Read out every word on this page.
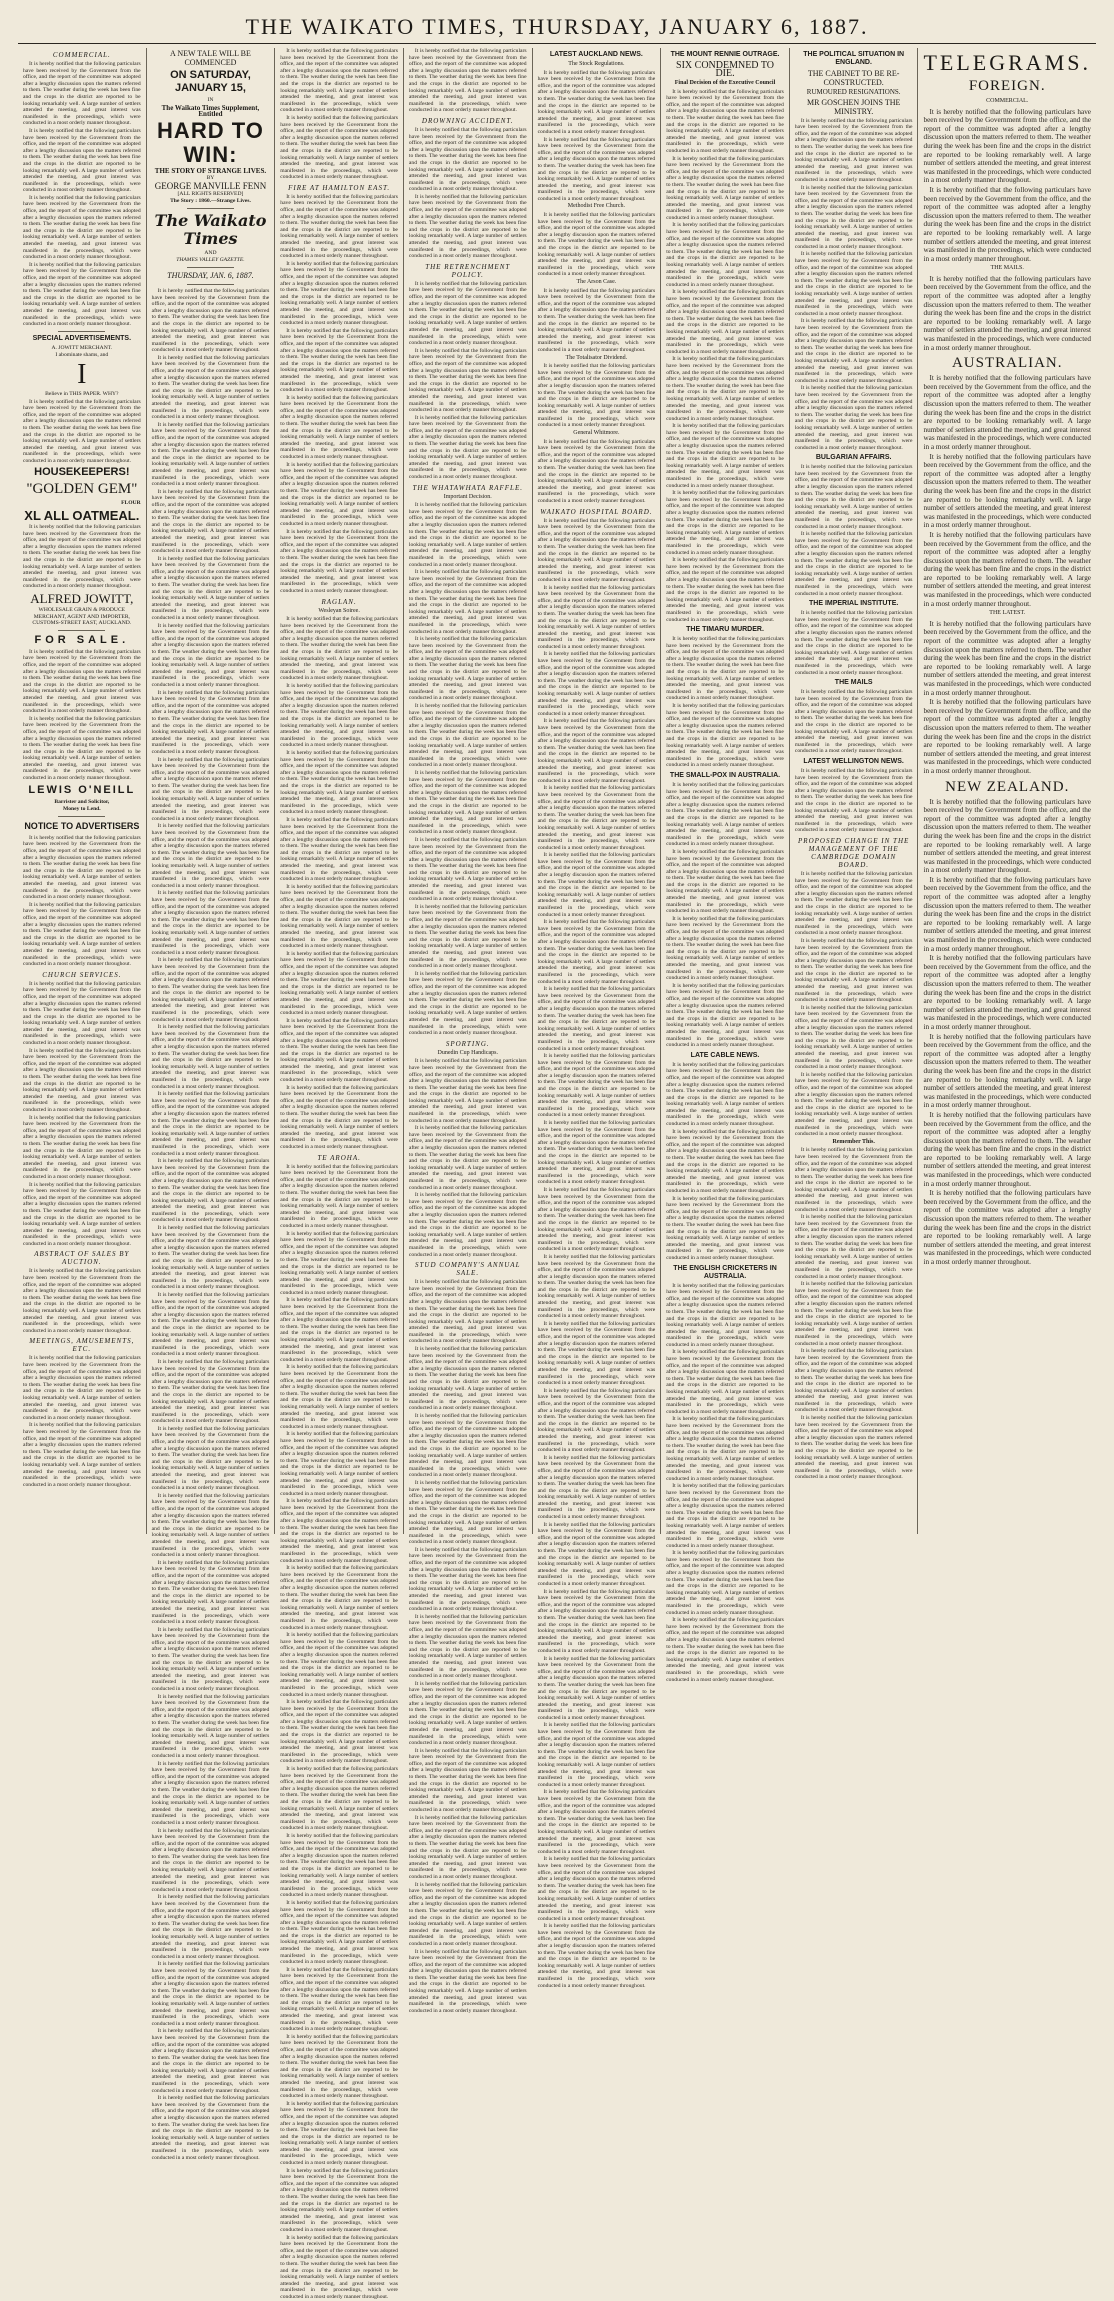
THE WAIKATO TIMES, THURSDAY, JANUARY 6, 1887.
COMMERCIAL.

It is hereby notified that the following particulars have been received by the Government from the office, and the report of the committee was adopted after a lengthy discussion upon the matters referred to them. The weather during the week has been fine and the crops in the district are reported to be looking remarkably well. A large number of settlers attended the meeting, and great interest was manifested in the proceedings, which were conducted in a most orderly manner throughout.

It is hereby notified that the following particulars have been received by the Government from the office, and the report of the committee was adopted after a lengthy discussion upon the matters referred to them. The weather during the week has been fine and the crops in the district are reported to be looking remarkably well. A large number of settlers attended the meeting, and great interest was manifested in the proceedings, which were conducted in a most orderly manner throughout.

It is hereby notified that the following particulars have been received by the Government from the office, and the report of the committee was adopted after a lengthy discussion upon the matters referred to them. The weather during the week has been fine and the crops in the district are reported to be looking remarkably well. A large number of settlers attended the meeting, and great interest was manifested in the proceedings, which were conducted in a most orderly manner throughout.

It is hereby notified that the following particulars have been received by the Government from the office, and the report of the committee was adopted after a lengthy discussion upon the matters referred to them. The weather during the week has been fine and the crops in the district are reported to be looking remarkably well. A large number of settlers attended the meeting, and great interest was manifested in the proceedings, which were conducted in a most orderly manner throughout.

SPECIAL ADVERTISEMENTS.
A. JOWITT MERCHANT.
I abominate shams, and
I
Believe in THIS PAPER. WHY?

It is hereby notified that the following particulars have been received by the Government from the office, and the report of the committee was adopted after a lengthy discussion upon the matters referred to them. The weather during the week has been fine and the crops in the district are reported to be looking remarkably well. A large number of settlers attended the meeting, and great interest was manifested in the proceedings, which were conducted in a most orderly manner throughout.

HOUSEKEEPERS!
"GOLDEN GEM"
FLOUR
XL ALL OATMEAL.

It is hereby notified that the following particulars have been received by the Government from the office, and the report of the committee was adopted after a lengthy discussion upon the matters referred to them. The weather during the week has been fine and the crops in the district are reported to be looking remarkably well. A large number of settlers attended the meeting, and great interest was manifested in the proceedings, which were conducted in a most orderly manner throughout.

ALFRED JOWITT,
WHOLESALE GRAIN & PRODUCE MERCHANT, AGENT AND IMPORTER, CUSTOMS-STREET EAST, AUCKLAND.
FOR SALE.

It is hereby notified that the following particulars have been received by the Government from the office, and the report of the committee was adopted after a lengthy discussion upon the matters referred to them. The weather during the week has been fine and the crops in the district are reported to be looking remarkably well. A large number of settlers attended the meeting, and great interest was manifested in the proceedings, which were conducted in a most orderly manner throughout.

It is hereby notified that the following particulars have been received by the Government from the office, and the report of the committee was adopted after a lengthy discussion upon the matters referred to them. The weather during the week has been fine and the crops in the district are reported to be looking remarkably well. A large number of settlers attended the meeting, and great interest was manifested in the proceedings, which were conducted in a most orderly manner throughout.

LEWIS O'NEILL
Barrister and Solicitor,
Money to Lend.
NOTICE TO ADVERTISERS

It is hereby notified that the following particulars have been received by the Government from the office, and the report of the committee was adopted after a lengthy discussion upon the matters referred to them. The weather during the week has been fine and the crops in the district are reported to be looking remarkably well. A large number of settlers attended the meeting, and great interest was manifested in the proceedings, which were conducted in a most orderly manner throughout.

It is hereby notified that the following particulars have been received by the Government from the office, and the report of the committee was adopted after a lengthy discussion upon the matters referred to them. The weather during the week has been fine and the crops in the district are reported to be looking remarkably well. A large number of settlers attended the meeting, and great interest was manifested in the proceedings, which were conducted in a most orderly manner throughout.

CHURCH SERVICES.

It is hereby notified that the following particulars have been received by the Government from the office, and the report of the committee was adopted after a lengthy discussion upon the matters referred to them. The weather during the week has been fine and the crops in the district are reported to be looking remarkably well. A large number of settlers attended the meeting, and great interest was manifested in the proceedings, which were conducted in a most orderly manner throughout.

It is hereby notified that the following particulars have been received by the Government from the office, and the report of the committee was adopted after a lengthy discussion upon the matters referred to them. The weather during the week has been fine and the crops in the district are reported to be looking remarkably well. A large number of settlers attended the meeting, and great interest was manifested in the proceedings, which were conducted in a most orderly manner throughout.

It is hereby notified that the following particulars have been received by the Government from the office, and the report of the committee was adopted after a lengthy discussion upon the matters referred to them. The weather during the week has been fine and the crops in the district are reported to be looking remarkably well. A large number of settlers attended the meeting, and great interest was manifested in the proceedings, which were conducted in a most orderly manner throughout.

It is hereby notified that the following particulars have been received by the Government from the office, and the report of the committee was adopted after a lengthy discussion upon the matters referred to them. The weather during the week has been fine and the crops in the district are reported to be looking remarkably well. A large number of settlers attended the meeting, and great interest was manifested in the proceedings, which were conducted in a most orderly manner throughout.

ABSTRACT OF SALES BY AUCTION.

It is hereby notified that the following particulars have been received by the Government from the office, and the report of the committee was adopted after a lengthy discussion upon the matters referred to them. The weather during the week has been fine and the crops in the district are reported to be looking remarkably well. A large number of settlers attended the meeting, and great interest was manifested in the proceedings, which were conducted in a most orderly manner throughout.

MEETINGS, AMUSEMENTS, ETC.

It is hereby notified that the following particulars have been received by the Government from the office, and the report of the committee was adopted after a lengthy discussion upon the matters referred to them. The weather during the week has been fine and the crops in the district are reported to be looking remarkably well. A large number of settlers attended the meeting, and great interest was manifested in the proceedings, which were conducted in a most orderly manner throughout.

It is hereby notified that the following particulars have been received by the Government from the office, and the report of the committee was adopted after a lengthy discussion upon the matters referred to them. The weather during the week has been fine and the crops in the district are reported to be looking remarkably well. A large number of settlers attended the meeting, and great interest was manifested in the proceedings, which were conducted in a most orderly manner throughout.

A NEW TALE WILL BE COMMENCED
ON SATURDAY, JANUARY 15,
IN
The Waikato Times Supplement, Entitled
HARD TO WIN:
THE STORY OF STRANGE LIVES.
BY
GEORGE MANVILLE FENN
[ALL RIGHTS RESERVED]
The Story : 1860.—Strange Lives.
The Waikato Times
AND
THAMES VALLEY GAZETTE.
THURSDAY, JAN. 6, 1887.

It is hereby notified that the following particulars have been received by the Government from the office, and the report of the committee was adopted after a lengthy discussion upon the matters referred to them. The weather during the week has been fine and the crops in the district are reported to be looking remarkably well. A large number of settlers attended the meeting, and great interest was manifested in the proceedings, which were conducted in a most orderly manner throughout.

It is hereby notified that the following particulars have been received by the Government from the office, and the report of the committee was adopted after a lengthy discussion upon the matters referred to them. The weather during the week has been fine and the crops in the district are reported to be looking remarkably well. A large number of settlers attended the meeting, and great interest was manifested in the proceedings, which were conducted in a most orderly manner throughout.

It is hereby notified that the following particulars have been received by the Government from the office, and the report of the committee was adopted after a lengthy discussion upon the matters referred to them. The weather during the week has been fine and the crops in the district are reported to be looking remarkably well. A large number of settlers attended the meeting, and great interest was manifested in the proceedings, which were conducted in a most orderly manner throughout.

It is hereby notified that the following particulars have been received by the Government from the office, and the report of the committee was adopted after a lengthy discussion upon the matters referred to them. The weather during the week has been fine and the crops in the district are reported to be looking remarkably well. A large number of settlers attended the meeting, and great interest was manifested in the proceedings, which were conducted in a most orderly manner throughout.

It is hereby notified that the following particulars have been received by the Government from the office, and the report of the committee was adopted after a lengthy discussion upon the matters referred to them. The weather during the week has been fine and the crops in the district are reported to be looking remarkably well. A large number of settlers attended the meeting, and great interest was manifested in the proceedings, which were conducted in a most orderly manner throughout.

It is hereby notified that the following particulars have been received by the Government from the office, and the report of the committee was adopted after a lengthy discussion upon the matters referred to them. The weather during the week has been fine and the crops in the district are reported to be looking remarkably well. A large number of settlers attended the meeting, and great interest was manifested in the proceedings, which were conducted in a most orderly manner throughout.

It is hereby notified that the following particulars have been received by the Government from the office, and the report of the committee was adopted after a lengthy discussion upon the matters referred to them. The weather during the week has been fine and the crops in the district are reported to be looking remarkably well. A large number of settlers attended the meeting, and great interest was manifested in the proceedings, which were conducted in a most orderly manner throughout.

It is hereby notified that the following particulars have been received by the Government from the office, and the report of the committee was adopted after a lengthy discussion upon the matters referred to them. The weather during the week has been fine and the crops in the district are reported to be looking remarkably well. A large number of settlers attended the meeting, and great interest was manifested in the proceedings, which were conducted in a most orderly manner throughout.

It is hereby notified that the following particulars have been received by the Government from the office, and the report of the committee was adopted after a lengthy discussion upon the matters referred to them. The weather during the week has been fine and the crops in the district are reported to be looking remarkably well. A large number of settlers attended the meeting, and great interest was manifested in the proceedings, which were conducted in a most orderly manner throughout.

It is hereby notified that the following particulars have been received by the Government from the office, and the report of the committee was adopted after a lengthy discussion upon the matters referred to them. The weather during the week has been fine and the crops in the district are reported to be looking remarkably well. A large number of settlers attended the meeting, and great interest was manifested in the proceedings, which were conducted in a most orderly manner throughout.

It is hereby notified that the following particulars have been received by the Government from the office, and the report of the committee was adopted after a lengthy discussion upon the matters referred to them. The weather during the week has been fine and the crops in the district are reported to be looking remarkably well. A large number of settlers attended the meeting, and great interest was manifested in the proceedings, which were conducted in a most orderly manner throughout.

It is hereby notified that the following particulars have been received by the Government from the office, and the report of the committee was adopted after a lengthy discussion upon the matters referred to them. The weather during the week has been fine and the crops in the district are reported to be looking remarkably well. A large number of settlers attended the meeting, and great interest was manifested in the proceedings, which were conducted in a most orderly manner throughout.

It is hereby notified that the following particulars have been received by the Government from the office, and the report of the committee was adopted after a lengthy discussion upon the matters referred to them. The weather during the week has been fine and the crops in the district are reported to be looking remarkably well. A large number of settlers attended the meeting, and great interest was manifested in the proceedings, which were conducted in a most orderly manner throughout.

It is hereby notified that the following particulars have been received by the Government from the office, and the report of the committee was adopted after a lengthy discussion upon the matters referred to them. The weather during the week has been fine and the crops in the district are reported to be looking remarkably well. A large number of settlers attended the meeting, and great interest was manifested in the proceedings, which were conducted in a most orderly manner throughout.

It is hereby notified that the following particulars have been received by the Government from the office, and the report of the committee was adopted after a lengthy discussion upon the matters referred to them. The weather during the week has been fine and the crops in the district are reported to be looking remarkably well. A large number of settlers attended the meeting, and great interest was manifested in the proceedings, which were conducted in a most orderly manner throughout.

It is hereby notified that the following particulars have been received by the Government from the office, and the report of the committee was adopted after a lengthy discussion upon the matters referred to them. The weather during the week has been fine and the crops in the district are reported to be looking remarkably well. A large number of settlers attended the meeting, and great interest was manifested in the proceedings, which were conducted in a most orderly manner throughout.

It is hereby notified that the following particulars have been received by the Government from the office, and the report of the committee was adopted after a lengthy discussion upon the matters referred to them. The weather during the week has been fine and the crops in the district are reported to be looking remarkably well. A large number of settlers attended the meeting, and great interest was manifested in the proceedings, which were conducted in a most orderly manner throughout.

It is hereby notified that the following particulars have been received by the Government from the office, and the report of the committee was adopted after a lengthy discussion upon the matters referred to them. The weather during the week has been fine and the crops in the district are reported to be looking remarkably well. A large number of settlers attended the meeting, and great interest was manifested in the proceedings, which were conducted in a most orderly manner throughout.

It is hereby notified that the following particulars have been received by the Government from the office, and the report of the committee was adopted after a lengthy discussion upon the matters referred to them. The weather during the week has been fine and the crops in the district are reported to be looking remarkably well. A large number of settlers attended the meeting, and great interest was manifested in the proceedings, which were conducted in a most orderly manner throughout.

It is hereby notified that the following particulars have been received by the Government from the office, and the report of the committee was adopted after a lengthy discussion upon the matters referred to them. The weather during the week has been fine and the crops in the district are reported to be looking remarkably well. A large number of settlers attended the meeting, and great interest was manifested in the proceedings, which were conducted in a most orderly manner throughout.

It is hereby notified that the following particulars have been received by the Government from the office, and the report of the committee was adopted after a lengthy discussion upon the matters referred to them. The weather during the week has been fine and the crops in the district are reported to be looking remarkably well. A large number of settlers attended the meeting, and great interest was manifested in the proceedings, which were conducted in a most orderly manner throughout.

It is hereby notified that the following particulars have been received by the Government from the office, and the report of the committee was adopted after a lengthy discussion upon the matters referred to them. The weather during the week has been fine and the crops in the district are reported to be looking remarkably well. A large number of settlers attended the meeting, and great interest was manifested in the proceedings, which were conducted in a most orderly manner throughout.

It is hereby notified that the following particulars have been received by the Government from the office, and the report of the committee was adopted after a lengthy discussion upon the matters referred to them. The weather during the week has been fine and the crops in the district are reported to be looking remarkably well. A large number of settlers attended the meeting, and great interest was manifested in the proceedings, which were conducted in a most orderly manner throughout.

It is hereby notified that the following particulars have been received by the Government from the office, and the report of the committee was adopted after a lengthy discussion upon the matters referred to them. The weather during the week has been fine and the crops in the district are reported to be looking remarkably well. A large number of settlers attended the meeting, and great interest was manifested in the proceedings, which were conducted in a most orderly manner throughout.

It is hereby notified that the following particulars have been received by the Government from the office, and the report of the committee was adopted after a lengthy discussion upon the matters referred to them. The weather during the week has been fine and the crops in the district are reported to be looking remarkably well. A large number of settlers attended the meeting, and great interest was manifested in the proceedings, which were conducted in a most orderly manner throughout.

It is hereby notified that the following particulars have been received by the Government from the office, and the report of the committee was adopted after a lengthy discussion upon the matters referred to them. The weather during the week has been fine and the crops in the district are reported to be looking remarkably well. A large number of settlers attended the meeting, and great interest was manifested in the proceedings, which were conducted in a most orderly manner throughout.

It is hereby notified that the following particulars have been received by the Government from the office, and the report of the committee was adopted after a lengthy discussion upon the matters referred to them. The weather during the week has been fine and the crops in the district are reported to be looking remarkably well. A large number of settlers attended the meeting, and great interest was manifested in the proceedings, which were conducted in a most orderly manner throughout.

It is hereby notified that the following particulars have been received by the Government from the office, and the report of the committee was adopted after a lengthy discussion upon the matters referred to them. The weather during the week has been fine and the crops in the district are reported to be looking remarkably well. A large number of settlers attended the meeting, and great interest was manifested in the proceedings, which were conducted in a most orderly manner throughout.

It is hereby notified that the following particulars have been received by the Government from the office, and the report of the committee was adopted after a lengthy discussion upon the matters referred to them. The weather during the week has been fine and the crops in the district are reported to be looking remarkably well. A large number of settlers attended the meeting, and great interest was manifested in the proceedings, which were conducted in a most orderly manner throughout.

It is hereby notified that the following particulars have been received by the Government from the office, and the report of the committee was adopted after a lengthy discussion upon the matters referred to them. The weather during the week has been fine and the crops in the district are reported to be looking remarkably well. A large number of settlers attended the meeting, and great interest was manifested in the proceedings, which were conducted in a most orderly manner throughout.

FIRE AT HAMILTON EAST.

It is hereby notified that the following particulars have been received by the Government from the office, and the report of the committee was adopted after a lengthy discussion upon the matters referred to them. The weather during the week has been fine and the crops in the district are reported to be looking remarkably well. A large number of settlers attended the meeting, and great interest was manifested in the proceedings, which were conducted in a most orderly manner throughout.

It is hereby notified that the following particulars have been received by the Government from the office, and the report of the committee was adopted after a lengthy discussion upon the matters referred to them. The weather during the week has been fine and the crops in the district are reported to be looking remarkably well. A large number of settlers attended the meeting, and great interest was manifested in the proceedings, which were conducted in a most orderly manner throughout.

It is hereby notified that the following particulars have been received by the Government from the office, and the report of the committee was adopted after a lengthy discussion upon the matters referred to them. The weather during the week has been fine and the crops in the district are reported to be looking remarkably well. A large number of settlers attended the meeting, and great interest was manifested in the proceedings, which were conducted in a most orderly manner throughout.

It is hereby notified that the following particulars have been received by the Government from the office, and the report of the committee was adopted after a lengthy discussion upon the matters referred to them. The weather during the week has been fine and the crops in the district are reported to be looking remarkably well. A large number of settlers attended the meeting, and great interest was manifested in the proceedings, which were conducted in a most orderly manner throughout.

It is hereby notified that the following particulars have been received by the Government from the office, and the report of the committee was adopted after a lengthy discussion upon the matters referred to them. The weather during the week has been fine and the crops in the district are reported to be looking remarkably well. A large number of settlers attended the meeting, and great interest was manifested in the proceedings, which were conducted in a most orderly manner throughout.

It is hereby notified that the following particulars have been received by the Government from the office, and the report of the committee was adopted after a lengthy discussion upon the matters referred to them. The weather during the week has been fine and the crops in the district are reported to be looking remarkably well. A large number of settlers attended the meeting, and great interest was manifested in the proceedings, which were conducted in a most orderly manner throughout.

RAGLAN.
Wesleyan Soiree.

It is hereby notified that the following particulars have been received by the Government from the office, and the report of the committee was adopted after a lengthy discussion upon the matters referred to them. The weather during the week has been fine and the crops in the district are reported to be looking remarkably well. A large number of settlers attended the meeting, and great interest was manifested in the proceedings, which were conducted in a most orderly manner throughout.

It is hereby notified that the following particulars have been received by the Government from the office, and the report of the committee was adopted after a lengthy discussion upon the matters referred to them. The weather during the week has been fine and the crops in the district are reported to be looking remarkably well. A large number of settlers attended the meeting, and great interest was manifested in the proceedings, which were conducted in a most orderly manner throughout.

It is hereby notified that the following particulars have been received by the Government from the office, and the report of the committee was adopted after a lengthy discussion upon the matters referred to them. The weather during the week has been fine and the crops in the district are reported to be looking remarkably well. A large number of settlers attended the meeting, and great interest was manifested in the proceedings, which were conducted in a most orderly manner throughout.

It is hereby notified that the following particulars have been received by the Government from the office, and the report of the committee was adopted after a lengthy discussion upon the matters referred to them. The weather during the week has been fine and the crops in the district are reported to be looking remarkably well. A large number of settlers attended the meeting, and great interest was manifested in the proceedings, which were conducted in a most orderly manner throughout.

It is hereby notified that the following particulars have been received by the Government from the office, and the report of the committee was adopted after a lengthy discussion upon the matters referred to them. The weather during the week has been fine and the crops in the district are reported to be looking remarkably well. A large number of settlers attended the meeting, and great interest was manifested in the proceedings, which were conducted in a most orderly manner throughout.

It is hereby notified that the following particulars have been received by the Government from the office, and the report of the committee was adopted after a lengthy discussion upon the matters referred to them. The weather during the week has been fine and the crops in the district are reported to be looking remarkably well. A large number of settlers attended the meeting, and great interest was manifested in the proceedings, which were conducted in a most orderly manner throughout.

It is hereby notified that the following particulars have been received by the Government from the office, and the report of the committee was adopted after a lengthy discussion upon the matters referred to them. The weather during the week has been fine and the crops in the district are reported to be looking remarkably well. A large number of settlers attended the meeting, and great interest was manifested in the proceedings, which were conducted in a most orderly manner throughout.

It is hereby notified that the following particulars have been received by the Government from the office, and the report of the committee was adopted after a lengthy discussion upon the matters referred to them. The weather during the week has been fine and the crops in the district are reported to be looking remarkably well. A large number of settlers attended the meeting, and great interest was manifested in the proceedings, which were conducted in a most orderly manner throughout.

TE AROHA.

It is hereby notified that the following particulars have been received by the Government from the office, and the report of the committee was adopted after a lengthy discussion upon the matters referred to them. The weather during the week has been fine and the crops in the district are reported to be looking remarkably well. A large number of settlers attended the meeting, and great interest was manifested in the proceedings, which were conducted in a most orderly manner throughout.

It is hereby notified that the following particulars have been received by the Government from the office, and the report of the committee was adopted after a lengthy discussion upon the matters referred to them. The weather during the week has been fine and the crops in the district are reported to be looking remarkably well. A large number of settlers attended the meeting, and great interest was manifested in the proceedings, which were conducted in a most orderly manner throughout.

It is hereby notified that the following particulars have been received by the Government from the office, and the report of the committee was adopted after a lengthy discussion upon the matters referred to them. The weather during the week has been fine and the crops in the district are reported to be looking remarkably well. A large number of settlers attended the meeting, and great interest was manifested in the proceedings, which were conducted in a most orderly manner throughout.

It is hereby notified that the following particulars have been received by the Government from the office, and the report of the committee was adopted after a lengthy discussion upon the matters referred to them. The weather during the week has been fine and the crops in the district are reported to be looking remarkably well. A large number of settlers attended the meeting, and great interest was manifested in the proceedings, which were conducted in a most orderly manner throughout.

It is hereby notified that the following particulars have been received by the Government from the office, and the report of the committee was adopted after a lengthy discussion upon the matters referred to them. The weather during the week has been fine and the crops in the district are reported to be looking remarkably well. A large number of settlers attended the meeting, and great interest was manifested in the proceedings, which were conducted in a most orderly manner throughout.

It is hereby notified that the following particulars have been received by the Government from the office, and the report of the committee was adopted after a lengthy discussion upon the matters referred to them. The weather during the week has been fine and the crops in the district are reported to be looking remarkably well. A large number of settlers attended the meeting, and great interest was manifested in the proceedings, which were conducted in a most orderly manner throughout.

It is hereby notified that the following particulars have been received by the Government from the office, and the report of the committee was adopted after a lengthy discussion upon the matters referred to them. The weather during the week has been fine and the crops in the district are reported to be looking remarkably well. A large number of settlers attended the meeting, and great interest was manifested in the proceedings, which were conducted in a most orderly manner throughout.

It is hereby notified that the following particulars have been received by the Government from the office, and the report of the committee was adopted after a lengthy discussion upon the matters referred to them. The weather during the week has been fine and the crops in the district are reported to be looking remarkably well. A large number of settlers attended the meeting, and great interest was manifested in the proceedings, which were conducted in a most orderly manner throughout.

It is hereby notified that the following particulars have been received by the Government from the office, and the report of the committee was adopted after a lengthy discussion upon the matters referred to them. The weather during the week has been fine and the crops in the district are reported to be looking remarkably well. A large number of settlers attended the meeting, and great interest was manifested in the proceedings, which were conducted in a most orderly manner throughout.

It is hereby notified that the following particulars have been received by the Government from the office, and the report of the committee was adopted after a lengthy discussion upon the matters referred to them. The weather during the week has been fine and the crops in the district are reported to be looking remarkably well. A large number of settlers attended the meeting, and great interest was manifested in the proceedings, which were conducted in a most orderly manner throughout.

It is hereby notified that the following particulars have been received by the Government from the office, and the report of the committee was adopted after a lengthy discussion upon the matters referred to them. The weather during the week has been fine and the crops in the district are reported to be looking remarkably well. A large number of settlers attended the meeting, and great interest was manifested in the proceedings, which were conducted in a most orderly manner throughout.

It is hereby notified that the following particulars have been received by the Government from the office, and the report of the committee was adopted after a lengthy discussion upon the matters referred to them. The weather during the week has been fine and the crops in the district are reported to be looking remarkably well. A large number of settlers attended the meeting, and great interest was manifested in the proceedings, which were conducted in a most orderly manner throughout.

It is hereby notified that the following particulars have been received by the Government from the office, and the report of the committee was adopted after a lengthy discussion upon the matters referred to them. The weather during the week has been fine and the crops in the district are reported to be looking remarkably well. A large number of settlers attended the meeting, and great interest was manifested in the proceedings, which were conducted in a most orderly manner throughout.

It is hereby notified that the following particulars have been received by the Government from the office, and the report of the committee was adopted after a lengthy discussion upon the matters referred to them. The weather during the week has been fine and the crops in the district are reported to be looking remarkably well. A large number of settlers attended the meeting, and great interest was manifested in the proceedings, which were conducted in a most orderly manner throughout.

It is hereby notified that the following particulars have been received by the Government from the office, and the report of the committee was adopted after a lengthy discussion upon the matters referred to them. The weather during the week has been fine and the crops in the district are reported to be looking remarkably well. A large number of settlers attended the meeting, and great interest was manifested in the proceedings, which were conducted in a most orderly manner throughout.

It is hereby notified that the following particulars have been received by the Government from the office, and the report of the committee was adopted after a lengthy discussion upon the matters referred to them. The weather during the week has been fine and the crops in the district are reported to be looking remarkably well. A large number of settlers attended the meeting, and great interest was manifested in the proceedings, which were conducted in a most orderly manner throughout.

It is hereby notified that the following particulars have been received by the Government from the office, and the report of the committee was adopted after a lengthy discussion upon the matters referred to them. The weather during the week has been fine and the crops in the district are reported to be looking remarkably well. A large number of settlers attended the meeting, and great interest was manifested in the proceedings, which were conducted in a most orderly manner throughout.

It is hereby notified that the following particulars have been received by the Government from the office, and the report of the committee was adopted after a lengthy discussion upon the matters referred to them. The weather during the week has been fine and the crops in the district are reported to be looking remarkably well. A large number of settlers attended the meeting, and great interest was manifested in the proceedings, which were conducted in a most orderly manner throughout.

DROWNING ACCIDENT.

It is hereby notified that the following particulars have been received by the Government from the office, and the report of the committee was adopted after a lengthy discussion upon the matters referred to them. The weather during the week has been fine and the crops in the district are reported to be looking remarkably well. A large number of settlers attended the meeting, and great interest was manifested in the proceedings, which were conducted in a most orderly manner throughout.

It is hereby notified that the following particulars have been received by the Government from the office, and the report of the committee was adopted after a lengthy discussion upon the matters referred to them. The weather during the week has been fine and the crops in the district are reported to be looking remarkably well. A large number of settlers attended the meeting, and great interest was manifested in the proceedings, which were conducted in a most orderly manner throughout.

THE RETRENCHMENT POLICY.

It is hereby notified that the following particulars have been received by the Government from the office, and the report of the committee was adopted after a lengthy discussion upon the matters referred to them. The weather during the week has been fine and the crops in the district are reported to be looking remarkably well. A large number of settlers attended the meeting, and great interest was manifested in the proceedings, which were conducted in a most orderly manner throughout.

It is hereby notified that the following particulars have been received by the Government from the office, and the report of the committee was adopted after a lengthy discussion upon the matters referred to them. The weather during the week has been fine and the crops in the district are reported to be looking remarkably well. A large number of settlers attended the meeting, and great interest was manifested in the proceedings, which were conducted in a most orderly manner throughout.

It is hereby notified that the following particulars have been received by the Government from the office, and the report of the committee was adopted after a lengthy discussion upon the matters referred to them. The weather during the week has been fine and the crops in the district are reported to be looking remarkably well. A large number of settlers attended the meeting, and great interest was manifested in the proceedings, which were conducted in a most orderly manner throughout.

THE WHATAWHATA RAFFLE.
Important Decision.

It is hereby notified that the following particulars have been received by the Government from the office, and the report of the committee was adopted after a lengthy discussion upon the matters referred to them. The weather during the week has been fine and the crops in the district are reported to be looking remarkably well. A large number of settlers attended the meeting, and great interest was manifested in the proceedings, which were conducted in a most orderly manner throughout.

It is hereby notified that the following particulars have been received by the Government from the office, and the report of the committee was adopted after a lengthy discussion upon the matters referred to them. The weather during the week has been fine and the crops in the district are reported to be looking remarkably well. A large number of settlers attended the meeting, and great interest was manifested in the proceedings, which were conducted in a most orderly manner throughout.

It is hereby notified that the following particulars have been received by the Government from the office, and the report of the committee was adopted after a lengthy discussion upon the matters referred to them. The weather during the week has been fine and the crops in the district are reported to be looking remarkably well. A large number of settlers attended the meeting, and great interest was manifested in the proceedings, which were conducted in a most orderly manner throughout.

It is hereby notified that the following particulars have been received by the Government from the office, and the report of the committee was adopted after a lengthy discussion upon the matters referred to them. The weather during the week has been fine and the crops in the district are reported to be looking remarkably well. A large number of settlers attended the meeting, and great interest was manifested in the proceedings, which were conducted in a most orderly manner throughout.

It is hereby notified that the following particulars have been received by the Government from the office, and the report of the committee was adopted after a lengthy discussion upon the matters referred to them. The weather during the week has been fine and the crops in the district are reported to be looking remarkably well. A large number of settlers attended the meeting, and great interest was manifested in the proceedings, which were conducted in a most orderly manner throughout.

It is hereby notified that the following particulars have been received by the Government from the office, and the report of the committee was adopted after a lengthy discussion upon the matters referred to them. The weather during the week has been fine and the crops in the district are reported to be looking remarkably well. A large number of settlers attended the meeting, and great interest was manifested in the proceedings, which were conducted in a most orderly manner throughout.

It is hereby notified that the following particulars have been received by the Government from the office, and the report of the committee was adopted after a lengthy discussion upon the matters referred to them. The weather during the week has been fine and the crops in the district are reported to be looking remarkably well. A large number of settlers attended the meeting, and great interest was manifested in the proceedings, which were conducted in a most orderly manner throughout.

It is hereby notified that the following particulars have been received by the Government from the office, and the report of the committee was adopted after a lengthy discussion upon the matters referred to them. The weather during the week has been fine and the crops in the district are reported to be looking remarkably well. A large number of settlers attended the meeting, and great interest was manifested in the proceedings, which were conducted in a most orderly manner throughout.

SPORTING.
Dunedin Cup Handicaps.

It is hereby notified that the following particulars have been received by the Government from the office, and the report of the committee was adopted after a lengthy discussion upon the matters referred to them. The weather during the week has been fine and the crops in the district are reported to be looking remarkably well. A large number of settlers attended the meeting, and great interest was manifested in the proceedings, which were conducted in a most orderly manner throughout.

It is hereby notified that the following particulars have been received by the Government from the office, and the report of the committee was adopted after a lengthy discussion upon the matters referred to them. The weather during the week has been fine and the crops in the district are reported to be looking remarkably well. A large number of settlers attended the meeting, and great interest was manifested in the proceedings, which were conducted in a most orderly manner throughout.

It is hereby notified that the following particulars have been received by the Government from the office, and the report of the committee was adopted after a lengthy discussion upon the matters referred to them. The weather during the week has been fine and the crops in the district are reported to be looking remarkably well. A large number of settlers attended the meeting, and great interest was manifested in the proceedings, which were conducted in a most orderly manner throughout.

STUD COMPANY'S ANNUAL SALE.

It is hereby notified that the following particulars have been received by the Government from the office, and the report of the committee was adopted after a lengthy discussion upon the matters referred to them. The weather during the week has been fine and the crops in the district are reported to be looking remarkably well. A large number of settlers attended the meeting, and great interest was manifested in the proceedings, which were conducted in a most orderly manner throughout.

It is hereby notified that the following particulars have been received by the Government from the office, and the report of the committee was adopted after a lengthy discussion upon the matters referred to them. The weather during the week has been fine and the crops in the district are reported to be looking remarkably well. A large number of settlers attended the meeting, and great interest was manifested in the proceedings, which were conducted in a most orderly manner throughout.

It is hereby notified that the following particulars have been received by the Government from the office, and the report of the committee was adopted after a lengthy discussion upon the matters referred to them. The weather during the week has been fine and the crops in the district are reported to be looking remarkably well. A large number of settlers attended the meeting, and great interest was manifested in the proceedings, which were conducted in a most orderly manner throughout.

It is hereby notified that the following particulars have been received by the Government from the office, and the report of the committee was adopted after a lengthy discussion upon the matters referred to them. The weather during the week has been fine and the crops in the district are reported to be looking remarkably well. A large number of settlers attended the meeting, and great interest was manifested in the proceedings, which were conducted in a most orderly manner throughout.

It is hereby notified that the following particulars have been received by the Government from the office, and the report of the committee was adopted after a lengthy discussion upon the matters referred to them. The weather during the week has been fine and the crops in the district are reported to be looking remarkably well. A large number of settlers attended the meeting, and great interest was manifested in the proceedings, which were conducted in a most orderly manner throughout.

It is hereby notified that the following particulars have been received by the Government from the office, and the report of the committee was adopted after a lengthy discussion upon the matters referred to them. The weather during the week has been fine and the crops in the district are reported to be looking remarkably well. A large number of settlers attended the meeting, and great interest was manifested in the proceedings, which were conducted in a most orderly manner throughout.

It is hereby notified that the following particulars have been received by the Government from the office, and the report of the committee was adopted after a lengthy discussion upon the matters referred to them. The weather during the week has been fine and the crops in the district are reported to be looking remarkably well. A large number of settlers attended the meeting, and great interest was manifested in the proceedings, which were conducted in a most orderly manner throughout.

It is hereby notified that the following particulars have been received by the Government from the office, and the report of the committee was adopted after a lengthy discussion upon the matters referred to them. The weather during the week has been fine and the crops in the district are reported to be looking remarkably well. A large number of settlers attended the meeting, and great interest was manifested in the proceedings, which were conducted in a most orderly manner throughout.

It is hereby notified that the following particulars have been received by the Government from the office, and the report of the committee was adopted after a lengthy discussion upon the matters referred to them. The weather during the week has been fine and the crops in the district are reported to be looking remarkably well. A large number of settlers attended the meeting, and great interest was manifested in the proceedings, which were conducted in a most orderly manner throughout.

It is hereby notified that the following particulars have been received by the Government from the office, and the report of the committee was adopted after a lengthy discussion upon the matters referred to them. The weather during the week has been fine and the crops in the district are reported to be looking remarkably well. A large number of settlers attended the meeting, and great interest was manifested in the proceedings, which were conducted in a most orderly manner throughout.

It is hereby notified that the following particulars have been received by the Government from the office, and the report of the committee was adopted after a lengthy discussion upon the matters referred to them. The weather during the week has been fine and the crops in the district are reported to be looking remarkably well. A large number of settlers attended the meeting, and great interest was manifested in the proceedings, which were conducted in a most orderly manner throughout.

LATEST AUCKLAND NEWS.
The Stock Regulations.

It is hereby notified that the following particulars have been received by the Government from the office, and the report of the committee was adopted after a lengthy discussion upon the matters referred to them. The weather during the week has been fine and the crops in the district are reported to be looking remarkably well. A large number of settlers attended the meeting, and great interest was manifested in the proceedings, which were conducted in a most orderly manner throughout.

It is hereby notified that the following particulars have been received by the Government from the office, and the report of the committee was adopted after a lengthy discussion upon the matters referred to them. The weather during the week has been fine and the crops in the district are reported to be looking remarkably well. A large number of settlers attended the meeting, and great interest was manifested in the proceedings, which were conducted in a most orderly manner throughout.

Methodist Free Church.

It is hereby notified that the following particulars have been received by the Government from the office, and the report of the committee was adopted after a lengthy discussion upon the matters referred to them. The weather during the week has been fine and the crops in the district are reported to be looking remarkably well. A large number of settlers attended the meeting, and great interest was manifested in the proceedings, which were conducted in a most orderly manner throughout.

The Arson Case.

It is hereby notified that the following particulars have been received by the Government from the office, and the report of the committee was adopted after a lengthy discussion upon the matters referred to them. The weather during the week has been fine and the crops in the district are reported to be looking remarkably well. A large number of settlers attended the meeting, and great interest was manifested in the proceedings, which were conducted in a most orderly manner throughout.

The Totalisator Dividend.

It is hereby notified that the following particulars have been received by the Government from the office, and the report of the committee was adopted after a lengthy discussion upon the matters referred to them. The weather during the week has been fine and the crops in the district are reported to be looking remarkably well. A large number of settlers attended the meeting, and great interest was manifested in the proceedings, which were conducted in a most orderly manner throughout.

General Whitmore.

It is hereby notified that the following particulars have been received by the Government from the office, and the report of the committee was adopted after a lengthy discussion upon the matters referred to them. The weather during the week has been fine and the crops in the district are reported to be looking remarkably well. A large number of settlers attended the meeting, and great interest was manifested in the proceedings, which were conducted in a most orderly manner throughout.

WAIKATO HOSPITAL BOARD.

It is hereby notified that the following particulars have been received by the Government from the office, and the report of the committee was adopted after a lengthy discussion upon the matters referred to them. The weather during the week has been fine and the crops in the district are reported to be looking remarkably well. A large number of settlers attended the meeting, and great interest was manifested in the proceedings, which were conducted in a most orderly manner throughout.

It is hereby notified that the following particulars have been received by the Government from the office, and the report of the committee was adopted after a lengthy discussion upon the matters referred to them. The weather during the week has been fine and the crops in the district are reported to be looking remarkably well. A large number of settlers attended the meeting, and great interest was manifested in the proceedings, which were conducted in a most orderly manner throughout.

It is hereby notified that the following particulars have been received by the Government from the office, and the report of the committee was adopted after a lengthy discussion upon the matters referred to them. The weather during the week has been fine and the crops in the district are reported to be looking remarkably well. A large number of settlers attended the meeting, and great interest was manifested in the proceedings, which were conducted in a most orderly manner throughout.

It is hereby notified that the following particulars have been received by the Government from the office, and the report of the committee was adopted after a lengthy discussion upon the matters referred to them. The weather during the week has been fine and the crops in the district are reported to be looking remarkably well. A large number of settlers attended the meeting, and great interest was manifested in the proceedings, which were conducted in a most orderly manner throughout.

It is hereby notified that the following particulars have been received by the Government from the office, and the report of the committee was adopted after a lengthy discussion upon the matters referred to them. The weather during the week has been fine and the crops in the district are reported to be looking remarkably well. A large number of settlers attended the meeting, and great interest was manifested in the proceedings, which were conducted in a most orderly manner throughout.

It is hereby notified that the following particulars have been received by the Government from the office, and the report of the committee was adopted after a lengthy discussion upon the matters referred to them. The weather during the week has been fine and the crops in the district are reported to be looking remarkably well. A large number of settlers attended the meeting, and great interest was manifested in the proceedings, which were conducted in a most orderly manner throughout.

It is hereby notified that the following particulars have been received by the Government from the office, and the report of the committee was adopted after a lengthy discussion upon the matters referred to them. The weather during the week has been fine and the crops in the district are reported to be looking remarkably well. A large number of settlers attended the meeting, and great interest was manifested in the proceedings, which were conducted in a most orderly manner throughout.

It is hereby notified that the following particulars have been received by the Government from the office, and the report of the committee was adopted after a lengthy discussion upon the matters referred to them. The weather during the week has been fine and the crops in the district are reported to be looking remarkably well. A large number of settlers attended the meeting, and great interest was manifested in the proceedings, which were conducted in a most orderly manner throughout.

It is hereby notified that the following particulars have been received by the Government from the office, and the report of the committee was adopted after a lengthy discussion upon the matters referred to them. The weather during the week has been fine and the crops in the district are reported to be looking remarkably well. A large number of settlers attended the meeting, and great interest was manifested in the proceedings, which were conducted in a most orderly manner throughout.

It is hereby notified that the following particulars have been received by the Government from the office, and the report of the committee was adopted after a lengthy discussion upon the matters referred to them. The weather during the week has been fine and the crops in the district are reported to be looking remarkably well. A large number of settlers attended the meeting, and great interest was manifested in the proceedings, which were conducted in a most orderly manner throughout.

It is hereby notified that the following particulars have been received by the Government from the office, and the report of the committee was adopted after a lengthy discussion upon the matters referred to them. The weather during the week has been fine and the crops in the district are reported to be looking remarkably well. A large number of settlers attended the meeting, and great interest was manifested in the proceedings, which were conducted in a most orderly manner throughout.

It is hereby notified that the following particulars have been received by the Government from the office, and the report of the committee was adopted after a lengthy discussion upon the matters referred to them. The weather during the week has been fine and the crops in the district are reported to be looking remarkably well. A large number of settlers attended the meeting, and great interest was manifested in the proceedings, which were conducted in a most orderly manner throughout.

It is hereby notified that the following particulars have been received by the Government from the office, and the report of the committee was adopted after a lengthy discussion upon the matters referred to them. The weather during the week has been fine and the crops in the district are reported to be looking remarkably well. A large number of settlers attended the meeting, and great interest was manifested in the proceedings, which were conducted in a most orderly manner throughout.

It is hereby notified that the following particulars have been received by the Government from the office, and the report of the committee was adopted after a lengthy discussion upon the matters referred to them. The weather during the week has been fine and the crops in the district are reported to be looking remarkably well. A large number of settlers attended the meeting, and great interest was manifested in the proceedings, which were conducted in a most orderly manner throughout.

It is hereby notified that the following particulars have been received by the Government from the office, and the report of the committee was adopted after a lengthy discussion upon the matters referred to them. The weather during the week has been fine and the crops in the district are reported to be looking remarkably well. A large number of settlers attended the meeting, and great interest was manifested in the proceedings, which were conducted in a most orderly manner throughout.

It is hereby notified that the following particulars have been received by the Government from the office, and the report of the committee was adopted after a lengthy discussion upon the matters referred to them. The weather during the week has been fine and the crops in the district are reported to be looking remarkably well. A large number of settlers attended the meeting, and great interest was manifested in the proceedings, which were conducted in a most orderly manner throughout.

It is hereby notified that the following particulars have been received by the Government from the office, and the report of the committee was adopted after a lengthy discussion upon the matters referred to them. The weather during the week has been fine and the crops in the district are reported to be looking remarkably well. A large number of settlers attended the meeting, and great interest was manifested in the proceedings, which were conducted in a most orderly manner throughout.

It is hereby notified that the following particulars have been received by the Government from the office, and the report of the committee was adopted after a lengthy discussion upon the matters referred to them. The weather during the week has been fine and the crops in the district are reported to be looking remarkably well. A large number of settlers attended the meeting, and great interest was manifested in the proceedings, which were conducted in a most orderly manner throughout.

It is hereby notified that the following particulars have been received by the Government from the office, and the report of the committee was adopted after a lengthy discussion upon the matters referred to them. The weather during the week has been fine and the crops in the district are reported to be looking remarkably well. A large number of settlers attended the meeting, and great interest was manifested in the proceedings, which were conducted in a most orderly manner throughout.

It is hereby notified that the following particulars have been received by the Government from the office, and the report of the committee was adopted after a lengthy discussion upon the matters referred to them. The weather during the week has been fine and the crops in the district are reported to be looking remarkably well. A large number of settlers attended the meeting, and great interest was manifested in the proceedings, which were conducted in a most orderly manner throughout.

It is hereby notified that the following particulars have been received by the Government from the office, and the report of the committee was adopted after a lengthy discussion upon the matters referred to them. The weather during the week has been fine and the crops in the district are reported to be looking remarkably well. A large number of settlers attended the meeting, and great interest was manifested in the proceedings, which were conducted in a most orderly manner throughout.

It is hereby notified that the following particulars have been received by the Government from the office, and the report of the committee was adopted after a lengthy discussion upon the matters referred to them. The weather during the week has been fine and the crops in the district are reported to be looking remarkably well. A large number of settlers attended the meeting, and great interest was manifested in the proceedings, which were conducted in a most orderly manner throughout.

THE MOUNT RENNIE OUTRAGE.
SIX CONDEMNED TO DIE.
Final Decision of the Executive Council

It is hereby notified that the following particulars have been received by the Government from the office, and the report of the committee was adopted after a lengthy discussion upon the matters referred to them. The weather during the week has been fine and the crops in the district are reported to be looking remarkably well. A large number of settlers attended the meeting, and great interest was manifested in the proceedings, which were conducted in a most orderly manner throughout.

It is hereby notified that the following particulars have been received by the Government from the office, and the report of the committee was adopted after a lengthy discussion upon the matters referred to them. The weather during the week has been fine and the crops in the district are reported to be looking remarkably well. A large number of settlers attended the meeting, and great interest was manifested in the proceedings, which were conducted in a most orderly manner throughout.

It is hereby notified that the following particulars have been received by the Government from the office, and the report of the committee was adopted after a lengthy discussion upon the matters referred to them. The weather during the week has been fine and the crops in the district are reported to be looking remarkably well. A large number of settlers attended the meeting, and great interest was manifested in the proceedings, which were conducted in a most orderly manner throughout.

It is hereby notified that the following particulars have been received by the Government from the office, and the report of the committee was adopted after a lengthy discussion upon the matters referred to them. The weather during the week has been fine and the crops in the district are reported to be looking remarkably well. A large number of settlers attended the meeting, and great interest was manifested in the proceedings, which were conducted in a most orderly manner throughout.

It is hereby notified that the following particulars have been received by the Government from the office, and the report of the committee was adopted after a lengthy discussion upon the matters referred to them. The weather during the week has been fine and the crops in the district are reported to be looking remarkably well. A large number of settlers attended the meeting, and great interest was manifested in the proceedings, which were conducted in a most orderly manner throughout.

It is hereby notified that the following particulars have been received by the Government from the office, and the report of the committee was adopted after a lengthy discussion upon the matters referred to them. The weather during the week has been fine and the crops in the district are reported to be looking remarkably well. A large number of settlers attended the meeting, and great interest was manifested in the proceedings, which were conducted in a most orderly manner throughout.

It is hereby notified that the following particulars have been received by the Government from the office, and the report of the committee was adopted after a lengthy discussion upon the matters referred to them. The weather during the week has been fine and the crops in the district are reported to be looking remarkably well. A large number of settlers attended the meeting, and great interest was manifested in the proceedings, which were conducted in a most orderly manner throughout.

It is hereby notified that the following particulars have been received by the Government from the office, and the report of the committee was adopted after a lengthy discussion upon the matters referred to them. The weather during the week has been fine and the crops in the district are reported to be looking remarkably well. A large number of settlers attended the meeting, and great interest was manifested in the proceedings, which were conducted in a most orderly manner throughout.

THE TIMARU MURDER.

It is hereby notified that the following particulars have been received by the Government from the office, and the report of the committee was adopted after a lengthy discussion upon the matters referred to them. The weather during the week has been fine and the crops in the district are reported to be looking remarkably well. A large number of settlers attended the meeting, and great interest was manifested in the proceedings, which were conducted in a most orderly manner throughout.

It is hereby notified that the following particulars have been received by the Government from the office, and the report of the committee was adopted after a lengthy discussion upon the matters referred to them. The weather during the week has been fine and the crops in the district are reported to be looking remarkably well. A large number of settlers attended the meeting, and great interest was manifested in the proceedings, which were conducted in a most orderly manner throughout.

THE SMALL-POX IN AUSTRALIA.

It is hereby notified that the following particulars have been received by the Government from the office, and the report of the committee was adopted after a lengthy discussion upon the matters referred to them. The weather during the week has been fine and the crops in the district are reported to be looking remarkably well. A large number of settlers attended the meeting, and great interest was manifested in the proceedings, which were conducted in a most orderly manner throughout.

It is hereby notified that the following particulars have been received by the Government from the office, and the report of the committee was adopted after a lengthy discussion upon the matters referred to them. The weather during the week has been fine and the crops in the district are reported to be looking remarkably well. A large number of settlers attended the meeting, and great interest was manifested in the proceedings, which were conducted in a most orderly manner throughout.

It is hereby notified that the following particulars have been received by the Government from the office, and the report of the committee was adopted after a lengthy discussion upon the matters referred to them. The weather during the week has been fine and the crops in the district are reported to be looking remarkably well. A large number of settlers attended the meeting, and great interest was manifested in the proceedings, which were conducted in a most orderly manner throughout.

It is hereby notified that the following particulars have been received by the Government from the office, and the report of the committee was adopted after a lengthy discussion upon the matters referred to them. The weather during the week has been fine and the crops in the district are reported to be looking remarkably well. A large number of settlers attended the meeting, and great interest was manifested in the proceedings, which were conducted in a most orderly manner throughout.

LATE CABLE NEWS.

It is hereby notified that the following particulars have been received by the Government from the office, and the report of the committee was adopted after a lengthy discussion upon the matters referred to them. The weather during the week has been fine and the crops in the district are reported to be looking remarkably well. A large number of settlers attended the meeting, and great interest was manifested in the proceedings, which were conducted in a most orderly manner throughout.

It is hereby notified that the following particulars have been received by the Government from the office, and the report of the committee was adopted after a lengthy discussion upon the matters referred to them. The weather during the week has been fine and the crops in the district are reported to be looking remarkably well. A large number of settlers attended the meeting, and great interest was manifested in the proceedings, which were conducted in a most orderly manner throughout.

It is hereby notified that the following particulars have been received by the Government from the office, and the report of the committee was adopted after a lengthy discussion upon the matters referred to them. The weather during the week has been fine and the crops in the district are reported to be looking remarkably well. A large number of settlers attended the meeting, and great interest was manifested in the proceedings, which were conducted in a most orderly manner throughout.

THE ENGLISH CRICKETERS IN AUSTRALIA.

It is hereby notified that the following particulars have been received by the Government from the office, and the report of the committee was adopted after a lengthy discussion upon the matters referred to them. The weather during the week has been fine and the crops in the district are reported to be looking remarkably well. A large number of settlers attended the meeting, and great interest was manifested in the proceedings, which were conducted in a most orderly manner throughout.

It is hereby notified that the following particulars have been received by the Government from the office, and the report of the committee was adopted after a lengthy discussion upon the matters referred to them. The weather during the week has been fine and the crops in the district are reported to be looking remarkably well. A large number of settlers attended the meeting, and great interest was manifested in the proceedings, which were conducted in a most orderly manner throughout.

It is hereby notified that the following particulars have been received by the Government from the office, and the report of the committee was adopted after a lengthy discussion upon the matters referred to them. The weather during the week has been fine and the crops in the district are reported to be looking remarkably well. A large number of settlers attended the meeting, and great interest was manifested in the proceedings, which were conducted in a most orderly manner throughout.

It is hereby notified that the following particulars have been received by the Government from the office, and the report of the committee was adopted after a lengthy discussion upon the matters referred to them. The weather during the week has been fine and the crops in the district are reported to be looking remarkably well. A large number of settlers attended the meeting, and great interest was manifested in the proceedings, which were conducted in a most orderly manner throughout.

It is hereby notified that the following particulars have been received by the Government from the office, and the report of the committee was adopted after a lengthy discussion upon the matters referred to them. The weather during the week has been fine and the crops in the district are reported to be looking remarkably well. A large number of settlers attended the meeting, and great interest was manifested in the proceedings, which were conducted in a most orderly manner throughout.

It is hereby notified that the following particulars have been received by the Government from the office, and the report of the committee was adopted after a lengthy discussion upon the matters referred to them. The weather during the week has been fine and the crops in the district are reported to be looking remarkably well. A large number of settlers attended the meeting, and great interest was manifested in the proceedings, which were conducted in a most orderly manner throughout.

THE POLITICAL SITUATION IN ENGLAND.
THE CABINET TO BE RE-CONSTRUCTED.
RUMOURED RESIGNATIONS.
MR GOSCHEN JOINS THE MINISTRY.

It is hereby notified that the following particulars have been received by the Government from the office, and the report of the committee was adopted after a lengthy discussion upon the matters referred to them. The weather during the week has been fine and the crops in the district are reported to be looking remarkably well. A large number of settlers attended the meeting, and great interest was manifested in the proceedings, which were conducted in a most orderly manner throughout.

It is hereby notified that the following particulars have been received by the Government from the office, and the report of the committee was adopted after a lengthy discussion upon the matters referred to them. The weather during the week has been fine and the crops in the district are reported to be looking remarkably well. A large number of settlers attended the meeting, and great interest was manifested in the proceedings, which were conducted in a most orderly manner throughout.

It is hereby notified that the following particulars have been received by the Government from the office, and the report of the committee was adopted after a lengthy discussion upon the matters referred to them. The weather during the week has been fine and the crops in the district are reported to be looking remarkably well. A large number of settlers attended the meeting, and great interest was manifested in the proceedings, which were conducted in a most orderly manner throughout.

It is hereby notified that the following particulars have been received by the Government from the office, and the report of the committee was adopted after a lengthy discussion upon the matters referred to them. The weather during the week has been fine and the crops in the district are reported to be looking remarkably well. A large number of settlers attended the meeting, and great interest was manifested in the proceedings, which were conducted in a most orderly manner throughout.

It is hereby notified that the following particulars have been received by the Government from the office, and the report of the committee was adopted after a lengthy discussion upon the matters referred to them. The weather during the week has been fine and the crops in the district are reported to be looking remarkably well. A large number of settlers attended the meeting, and great interest was manifested in the proceedings, which were conducted in a most orderly manner throughout.

BULGARIAN AFFAIRS.

It is hereby notified that the following particulars have been received by the Government from the office, and the report of the committee was adopted after a lengthy discussion upon the matters referred to them. The weather during the week has been fine and the crops in the district are reported to be looking remarkably well. A large number of settlers attended the meeting, and great interest was manifested in the proceedings, which were conducted in a most orderly manner throughout.

It is hereby notified that the following particulars have been received by the Government from the office, and the report of the committee was adopted after a lengthy discussion upon the matters referred to them. The weather during the week has been fine and the crops in the district are reported to be looking remarkably well. A large number of settlers attended the meeting, and great interest was manifested in the proceedings, which were conducted in a most orderly manner throughout.

THE IMPERIAL INSTITUTE.

It is hereby notified that the following particulars have been received by the Government from the office, and the report of the committee was adopted after a lengthy discussion upon the matters referred to them. The weather during the week has been fine and the crops in the district are reported to be looking remarkably well. A large number of settlers attended the meeting, and great interest was manifested in the proceedings, which were conducted in a most orderly manner throughout.

THE MAILS

It is hereby notified that the following particulars have been received by the Government from the office, and the report of the committee was adopted after a lengthy discussion upon the matters referred to them. The weather during the week has been fine and the crops in the district are reported to be looking remarkably well. A large number of settlers attended the meeting, and great interest was manifested in the proceedings, which were conducted in a most orderly manner throughout.

LATEST WELLINGTON NEWS.

It is hereby notified that the following particulars have been received by the Government from the office, and the report of the committee was adopted after a lengthy discussion upon the matters referred to them. The weather during the week has been fine and the crops in the district are reported to be looking remarkably well. A large number of settlers attended the meeting, and great interest was manifested in the proceedings, which were conducted in a most orderly manner throughout.

PROPOSED CHANGE IN THE MANAGEMENT OF THE CAMBRIDGE DOMAIN BOARD.

It is hereby notified that the following particulars have been received by the Government from the office, and the report of the committee was adopted after a lengthy discussion upon the matters referred to them. The weather during the week has been fine and the crops in the district are reported to be looking remarkably well. A large number of settlers attended the meeting, and great interest was manifested in the proceedings, which were conducted in a most orderly manner throughout.

It is hereby notified that the following particulars have been received by the Government from the office, and the report of the committee was adopted after a lengthy discussion upon the matters referred to them. The weather during the week has been fine and the crops in the district are reported to be looking remarkably well. A large number of settlers attended the meeting, and great interest was manifested in the proceedings, which were conducted in a most orderly manner throughout.

It is hereby notified that the following particulars have been received by the Government from the office, and the report of the committee was adopted after a lengthy discussion upon the matters referred to them. The weather during the week has been fine and the crops in the district are reported to be looking remarkably well. A large number of settlers attended the meeting, and great interest was manifested in the proceedings, which were conducted in a most orderly manner throughout.

It is hereby notified that the following particulars have been received by the Government from the office, and the report of the committee was adopted after a lengthy discussion upon the matters referred to them. The weather during the week has been fine and the crops in the district are reported to be looking remarkably well. A large number of settlers attended the meeting, and great interest was manifested in the proceedings, which were conducted in a most orderly manner throughout.

Remember This.

It is hereby notified that the following particulars have been received by the Government from the office, and the report of the committee was adopted after a lengthy discussion upon the matters referred to them. The weather during the week has been fine and the crops in the district are reported to be looking remarkably well. A large number of settlers attended the meeting, and great interest was manifested in the proceedings, which were conducted in a most orderly manner throughout.

It is hereby notified that the following particulars have been received by the Government from the office, and the report of the committee was adopted after a lengthy discussion upon the matters referred to them. The weather during the week has been fine and the crops in the district are reported to be looking remarkably well. A large number of settlers attended the meeting, and great interest was manifested in the proceedings, which were conducted in a most orderly manner throughout.

It is hereby notified that the following particulars have been received by the Government from the office, and the report of the committee was adopted after a lengthy discussion upon the matters referred to them. The weather during the week has been fine and the crops in the district are reported to be looking remarkably well. A large number of settlers attended the meeting, and great interest was manifested in the proceedings, which were conducted in a most orderly manner throughout.

It is hereby notified that the following particulars have been received by the Government from the office, and the report of the committee was adopted after a lengthy discussion upon the matters referred to them. The weather during the week has been fine and the crops in the district are reported to be looking remarkably well. A large number of settlers attended the meeting, and great interest was manifested in the proceedings, which were conducted in a most orderly manner throughout.

It is hereby notified that the following particulars have been received by the Government from the office, and the report of the committee was adopted after a lengthy discussion upon the matters referred to them. The weather during the week has been fine and the crops in the district are reported to be looking remarkably well. A large number of settlers attended the meeting, and great interest was manifested in the proceedings, which were conducted in a most orderly manner throughout.

TELEGRAMS.
FOREIGN.
COMMERCIAL.

It is hereby notified that the following particulars have been received by the Government from the office, and the report of the committee was adopted after a lengthy discussion upon the matters referred to them. The weather during the week has been fine and the crops in the district are reported to be looking remarkably well. A large number of settlers attended the meeting, and great interest was manifested in the proceedings, which were conducted in a most orderly manner throughout.

It is hereby notified that the following particulars have been received by the Government from the office, and the report of the committee was adopted after a lengthy discussion upon the matters referred to them. The weather during the week has been fine and the crops in the district are reported to be looking remarkably well. A large number of settlers attended the meeting, and great interest was manifested in the proceedings, which were conducted in a most orderly manner throughout.

THE MAILS.

It is hereby notified that the following particulars have been received by the Government from the office, and the report of the committee was adopted after a lengthy discussion upon the matters referred to them. The weather during the week has been fine and the crops in the district are reported to be looking remarkably well. A large number of settlers attended the meeting, and great interest was manifested in the proceedings, which were conducted in a most orderly manner throughout.

AUSTRALIAN.

It is hereby notified that the following particulars have been received by the Government from the office, and the report of the committee was adopted after a lengthy discussion upon the matters referred to them. The weather during the week has been fine and the crops in the district are reported to be looking remarkably well. A large number of settlers attended the meeting, and great interest was manifested in the proceedings, which were conducted in a most orderly manner throughout.

It is hereby notified that the following particulars have been received by the Government from the office, and the report of the committee was adopted after a lengthy discussion upon the matters referred to them. The weather during the week has been fine and the crops in the district are reported to be looking remarkably well. A large number of settlers attended the meeting, and great interest was manifested in the proceedings, which were conducted in a most orderly manner throughout.

It is hereby notified that the following particulars have been received by the Government from the office, and the report of the committee was adopted after a lengthy discussion upon the matters referred to them. The weather during the week has been fine and the crops in the district are reported to be looking remarkably well. A large number of settlers attended the meeting, and great interest was manifested in the proceedings, which were conducted in a most orderly manner throughout.

THE LATEST.

It is hereby notified that the following particulars have been received by the Government from the office, and the report of the committee was adopted after a lengthy discussion upon the matters referred to them. The weather during the week has been fine and the crops in the district are reported to be looking remarkably well. A large number of settlers attended the meeting, and great interest was manifested in the proceedings, which were conducted in a most orderly manner throughout.

It is hereby notified that the following particulars have been received by the Government from the office, and the report of the committee was adopted after a lengthy discussion upon the matters referred to them. The weather during the week has been fine and the crops in the district are reported to be looking remarkably well. A large number of settlers attended the meeting, and great interest was manifested in the proceedings, which were conducted in a most orderly manner throughout.

NEW ZEALAND.

It is hereby notified that the following particulars have been received by the Government from the office, and the report of the committee was adopted after a lengthy discussion upon the matters referred to them. The weather during the week has been fine and the crops in the district are reported to be looking remarkably well. A large number of settlers attended the meeting, and great interest was manifested in the proceedings, which were conducted in a most orderly manner throughout.

It is hereby notified that the following particulars have been received by the Government from the office, and the report of the committee was adopted after a lengthy discussion upon the matters referred to them. The weather during the week has been fine and the crops in the district are reported to be looking remarkably well. A large number of settlers attended the meeting, and great interest was manifested in the proceedings, which were conducted in a most orderly manner throughout.

It is hereby notified that the following particulars have been received by the Government from the office, and the report of the committee was adopted after a lengthy discussion upon the matters referred to them. The weather during the week has been fine and the crops in the district are reported to be looking remarkably well. A large number of settlers attended the meeting, and great interest was manifested in the proceedings, which were conducted in a most orderly manner throughout.

It is hereby notified that the following particulars have been received by the Government from the office, and the report of the committee was adopted after a lengthy discussion upon the matters referred to them. The weather during the week has been fine and the crops in the district are reported to be looking remarkably well. A large number of settlers attended the meeting, and great interest was manifested in the proceedings, which were conducted in a most orderly manner throughout.

It is hereby notified that the following particulars have been received by the Government from the office, and the report of the committee was adopted after a lengthy discussion upon the matters referred to them. The weather during the week has been fine and the crops in the district are reported to be looking remarkably well. A large number of settlers attended the meeting, and great interest was manifested in the proceedings, which were conducted in a most orderly manner throughout.

It is hereby notified that the following particulars have been received by the Government from the office, and the report of the committee was adopted after a lengthy discussion upon the matters referred to them. The weather during the week has been fine and the crops in the district are reported to be looking remarkably well. A large number of settlers attended the meeting, and great interest was manifested in the proceedings, which were conducted in a most orderly manner throughout.
